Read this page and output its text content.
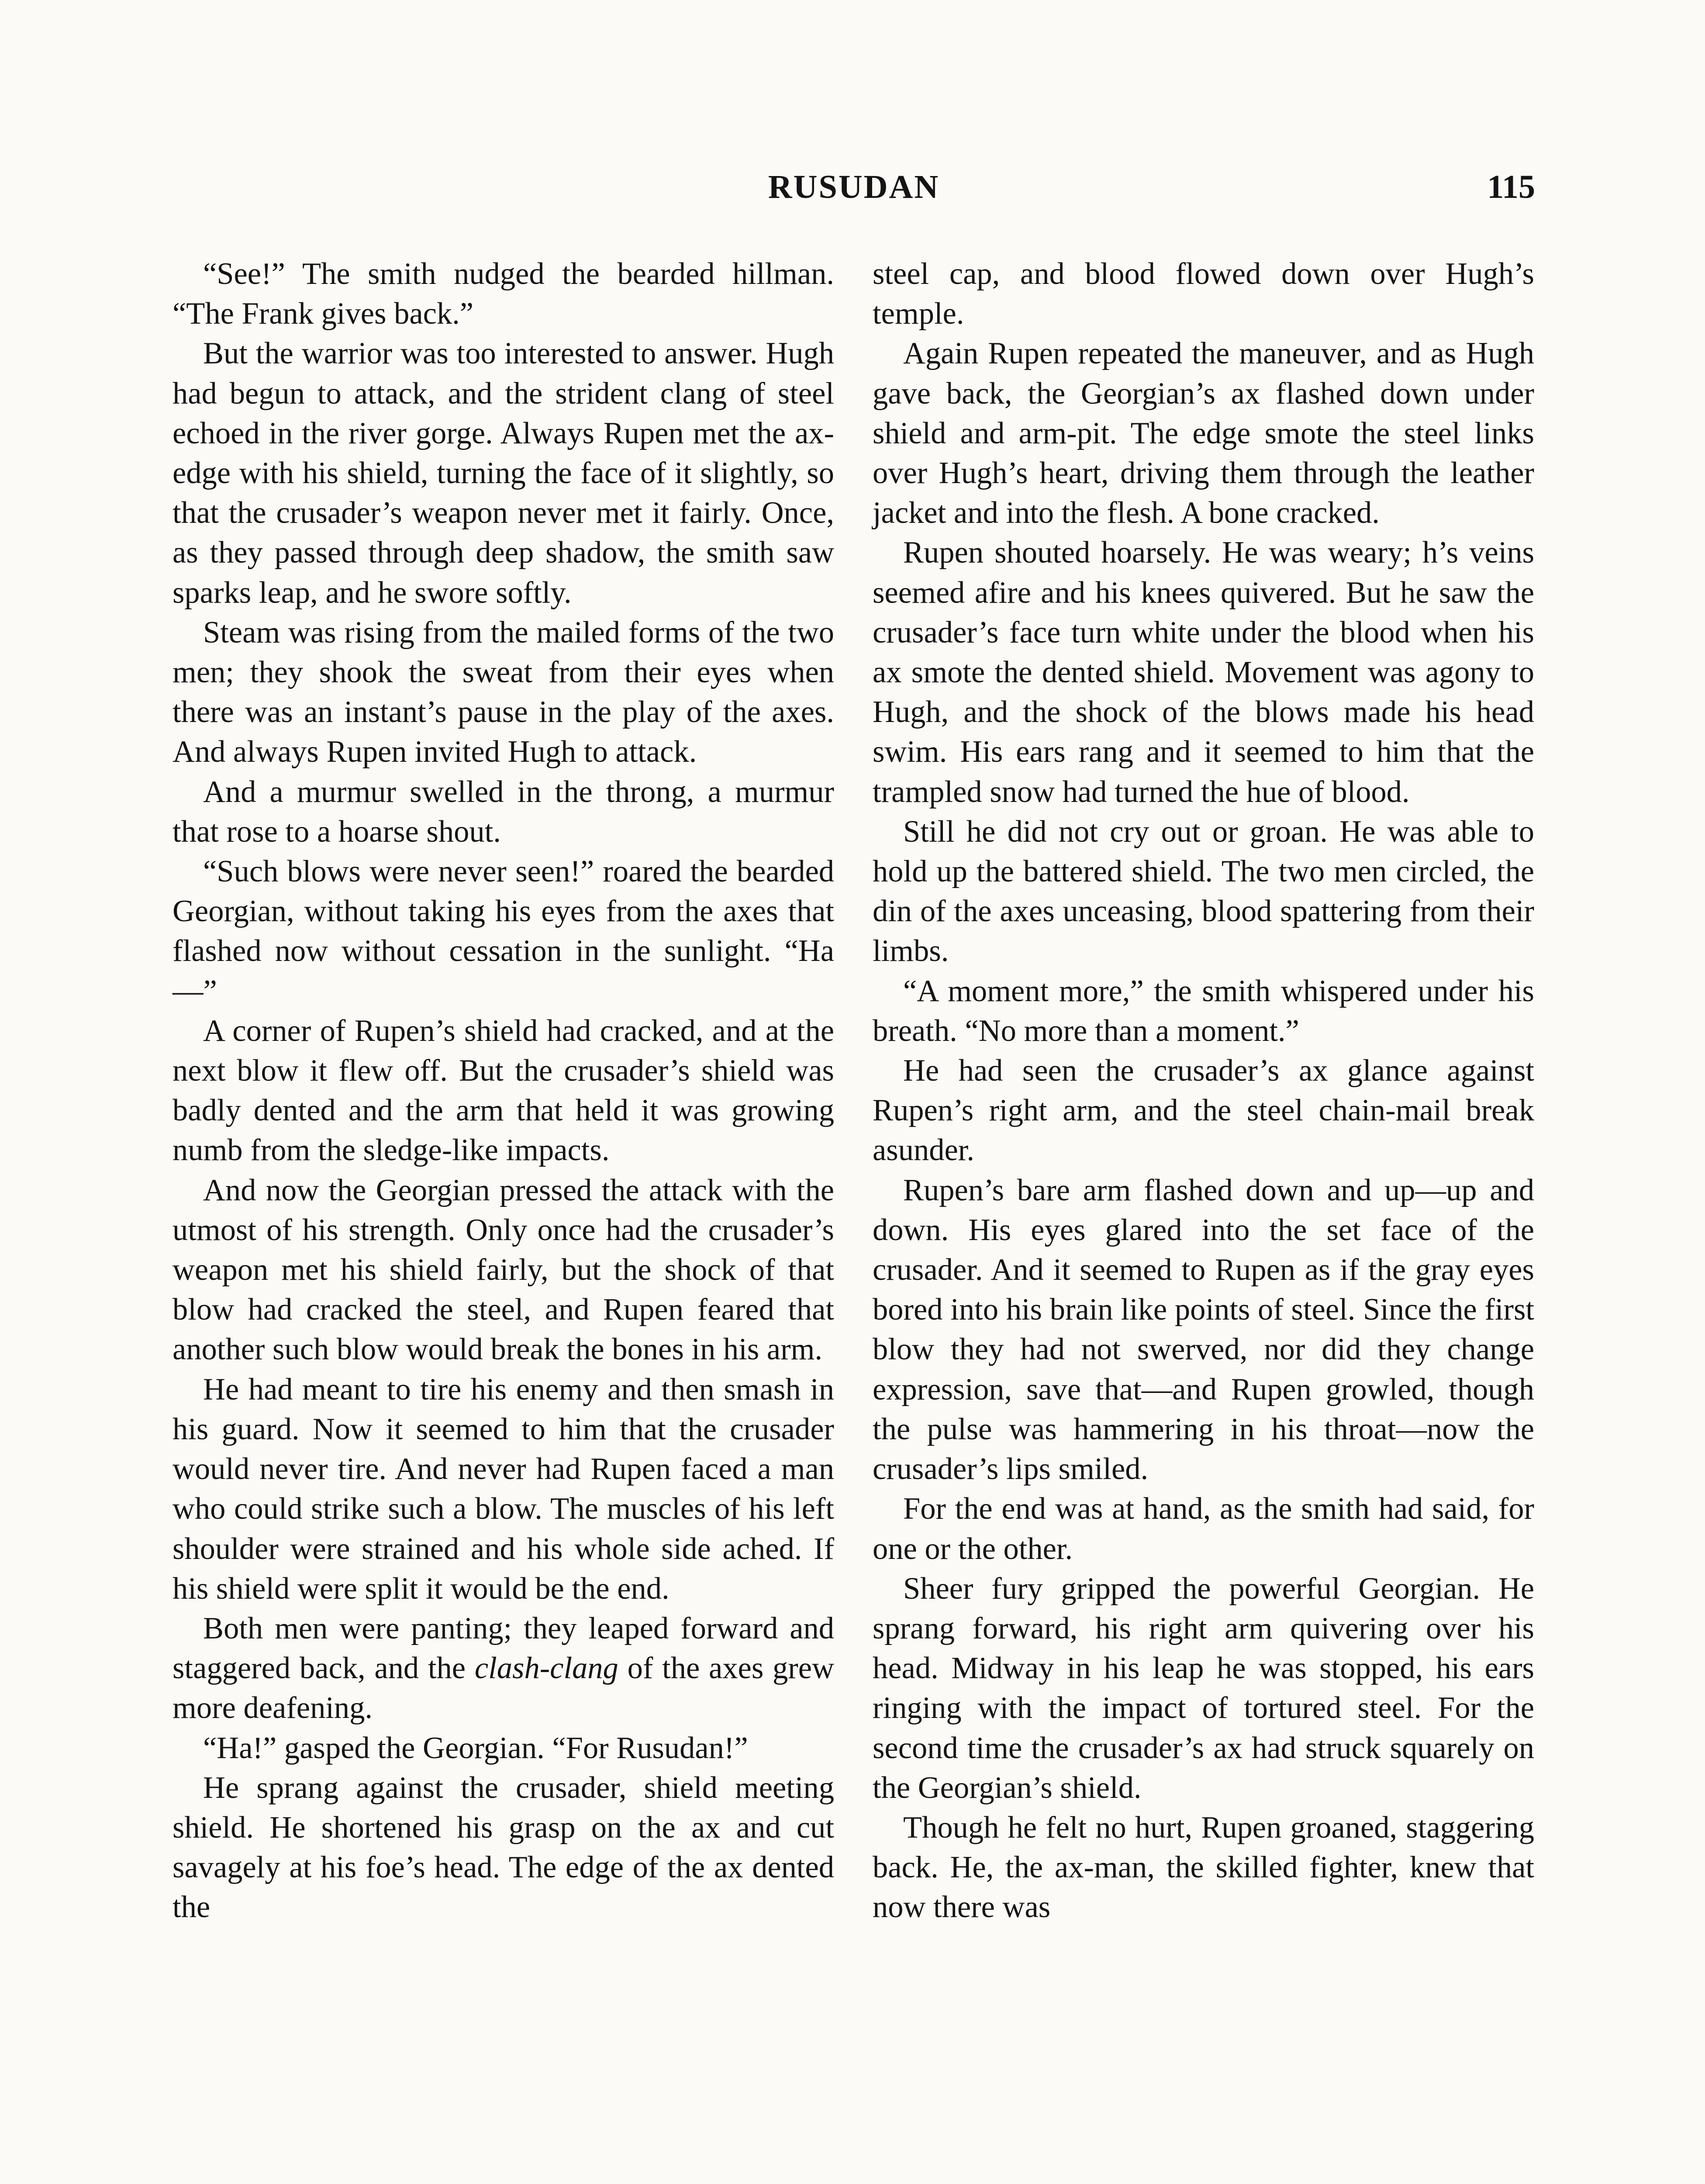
RUSUDAN	115

“See!” The smith nudged the bearded hillman. “The Frank gives back.”

But the warrior was too interested to answer. Hugh had begun to attack, and the strident clang of steel echoed in the river gorge. Always Rupen met the ax-edge with his shield, turning the face of it slightly, so that the crusader’s weapon never met it fairly. Once, as they passed through deep shadow, the smith saw sparks leap, and he swore softly.

Steam was rising from the mailed forms of the two men; they shook the sweat from their eyes when there was an instant’s pause in the play of the axes. And always Rupen invited Hugh to attack.

And a murmur swelled in the throng, a murmur that rose to a hoarse shout.

“Such blows were never seen!” roared the bearded Georgian, without taking his eyes from the axes that flashed now without cessation in the sunlight. “Ha—”

A corner of Rupen’s shield had cracked, and at the next blow it flew off. But the crusader’s shield was badly dented and the arm that held it was growing numb from the sledge-like impacts.

And now the Georgian pressed the attack with the utmost of his strength. Only once had the crusader’s weapon met his shield fairly, but the shock of that blow had cracked the steel, and Rupen feared that another such blow would break the bones in his arm.

He had meant to tire his enemy and then smash in his guard. Now it seemed to him that the crusader would never tire. And never had Rupen faced a man who could strike such a blow. The muscles of his left shoulder were strained and his whole side ached. If his shield were split it would be the end.

Both men were panting; they leaped forward and staggered back, and the clash-clang of the axes grew more deafening.

“Ha!” gasped the Georgian. “For Rusudan!”

He sprang against the crusader, shield meeting shield. He shortened his grasp on the ax and cut savagely at his foe’s head. The edge of the ax dented the

steel cap, and blood flowed down over Hugh’s temple.

Again Rupen repeated the maneuver, and as Hugh gave back, the Georgian’s ax flashed down under shield and arm-pit. The edge smote the steel links over Hugh’s heart, driving them through the leather jacket and into the flesh. A bone cracked.

Rupen shouted hoarsely. He was weary; h’s veins seemed afire and his knees quivered. But he saw the crusader’s face turn white under the blood when his ax smote the dented shield. Movement was agony to Hugh, and the shock of the blows made his head swim. His ears rang and it seemed to him that the trampled snow had turned the hue of blood.

Still he did not cry out or groan. He was able to hold up the battered shield. The two men circled, the din of the axes unceasing, blood spattering from their limbs.

“A moment more,” the smith whispered under his breath. “No more than a moment.”

He had seen the crusader’s ax glance against Rupen’s right arm, and the steel chain-mail break asunder.

Rupen’s bare arm flashed down and up—up and down. His eyes glared into the set face of the crusader. And it seemed to Rupen as if the gray eyes bored into his brain like points of steel. Since the first blow they had not swerved, nor did they change expression, save that—and Rupen growled, though the pulse was hammering in his throat—now the crusader’s lips smiled.

For the end was at hand, as the smith had said, for one or the other.

Sheer fury gripped the powerful Georgian. He sprang forward, his right arm quivering over his head. Midway in his leap he was stopped, his ears ringing with the impact of tortured steel. For the second time the crusader’s ax had struck squarely on the Georgian’s shield.

Though he felt no hurt, Rupen groaned, staggering back. He, the ax-man, the skilled fighter, knew that now there was
